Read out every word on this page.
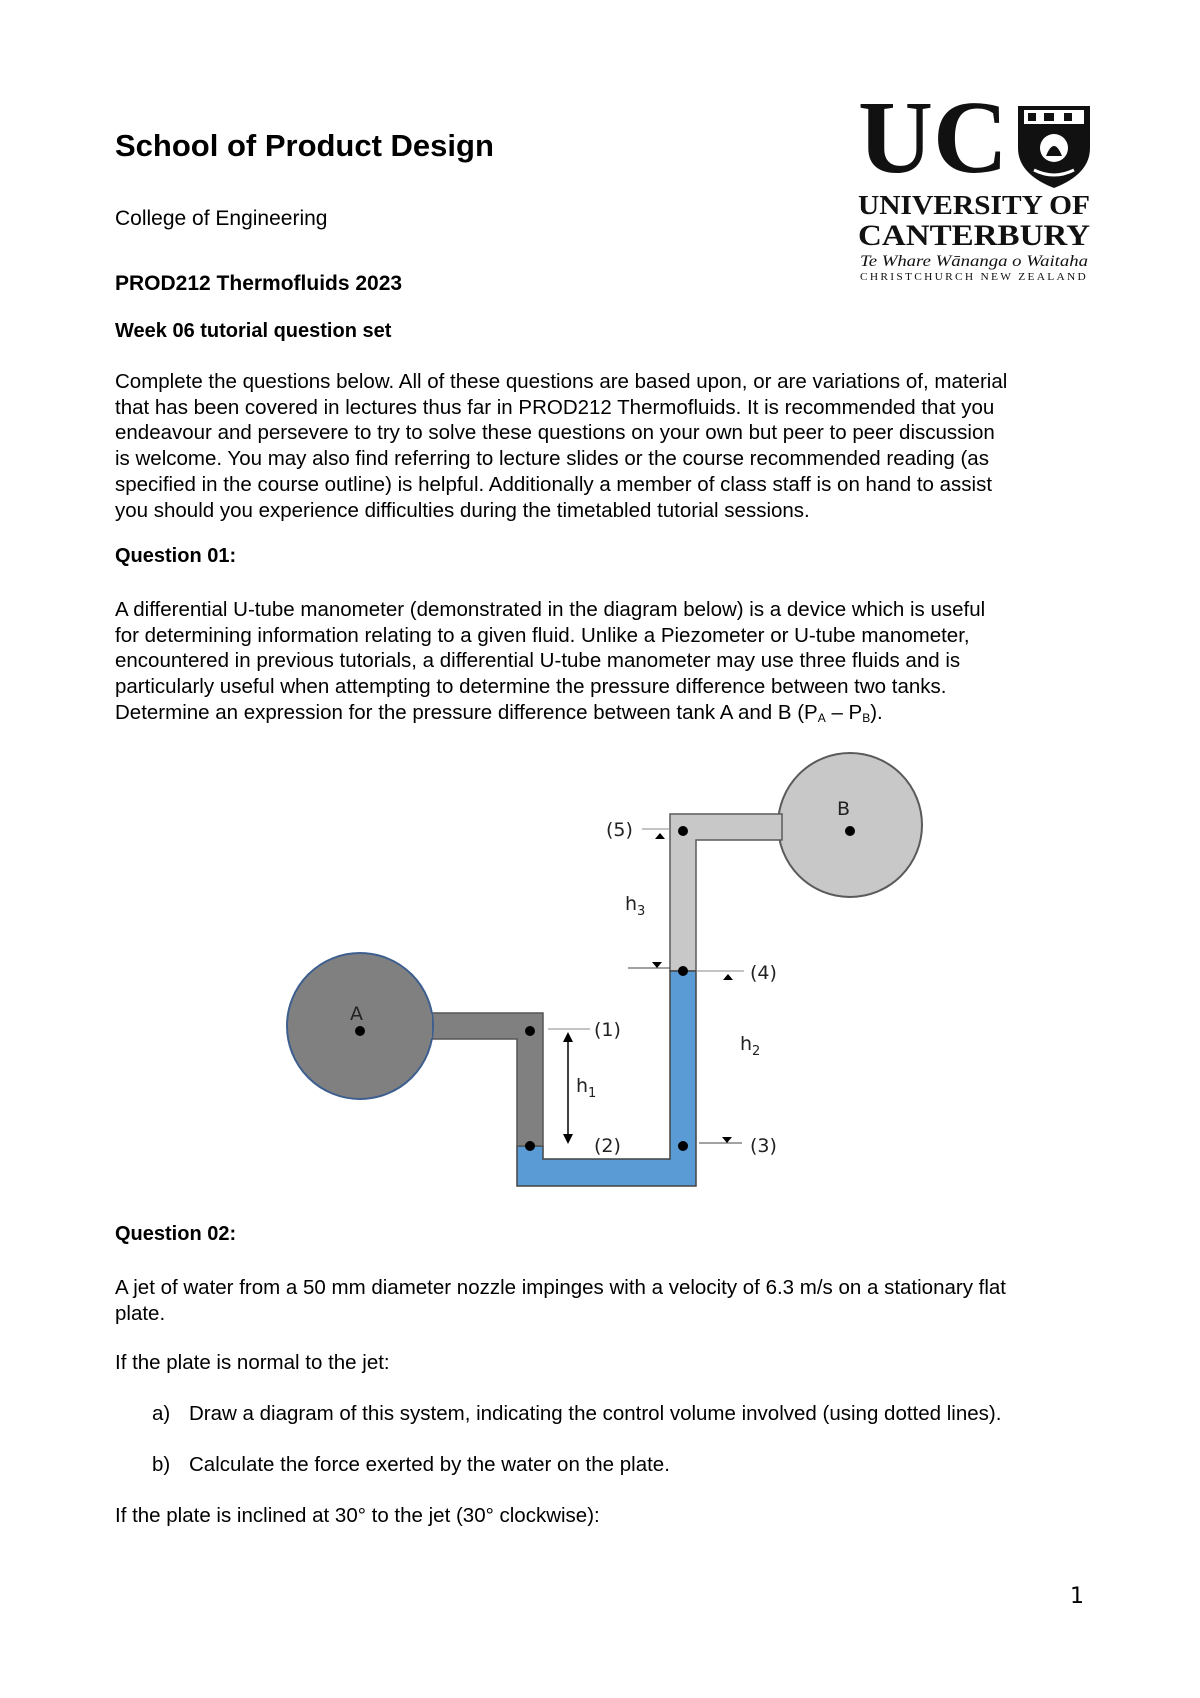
School of Product Design

College of Engineering

PROD212 Thermofluids 2023

Week 06 tutorial question set

UC
UNIVERSITY OF
CANTERBURY
Te Whare Wānanga o Waitaha
CHRISTCHURCH NEW ZEALAND
Complete the questions below. All of these questions are based upon, or are variations of, material
that has been covered in lectures thus far in PROD212 Thermofluids. It is recommended that you
endeavour and persevere to try to solve these questions on your own but peer to peer discussion
is welcome. You may also find referring to lecture slides or the course recommended reading (as
specified in the course outline) is helpful. Additionally a member of class staff is on hand to assist
you should you experience difficulties during the timetabled tutorial sessions.

Question 01:

A differential U-tube manometer (demonstrated in the diagram below) is a device which is useful
for determining information relating to a given fluid. Unlike a Piezometer or U-tube manometer,
encountered in previous tutorials, a differential U-tube manometer may use three fluids and is
particularly useful when attempting to determine the pressure difference between two tanks.
Determine an expression for the pressure difference between tank A and B $(P_A - P_B)$.
A
B
(5)
(4)
(1)
(2)	(3)
$h_3$
$h_2$
$h_1$

Question 02:

A jet of water from a 50 mm diameter nozzle impinges with a velocity of 6.3 m/s on a stationary flat
plate.

If the plate is normal to the jet:

a) Draw a diagram of this system, indicating the control volume involved (using dotted lines).

b) Calculate the force exerted by the water on the plate.

If the plate is inclined at 30° to the jet (30° clockwise):

1
